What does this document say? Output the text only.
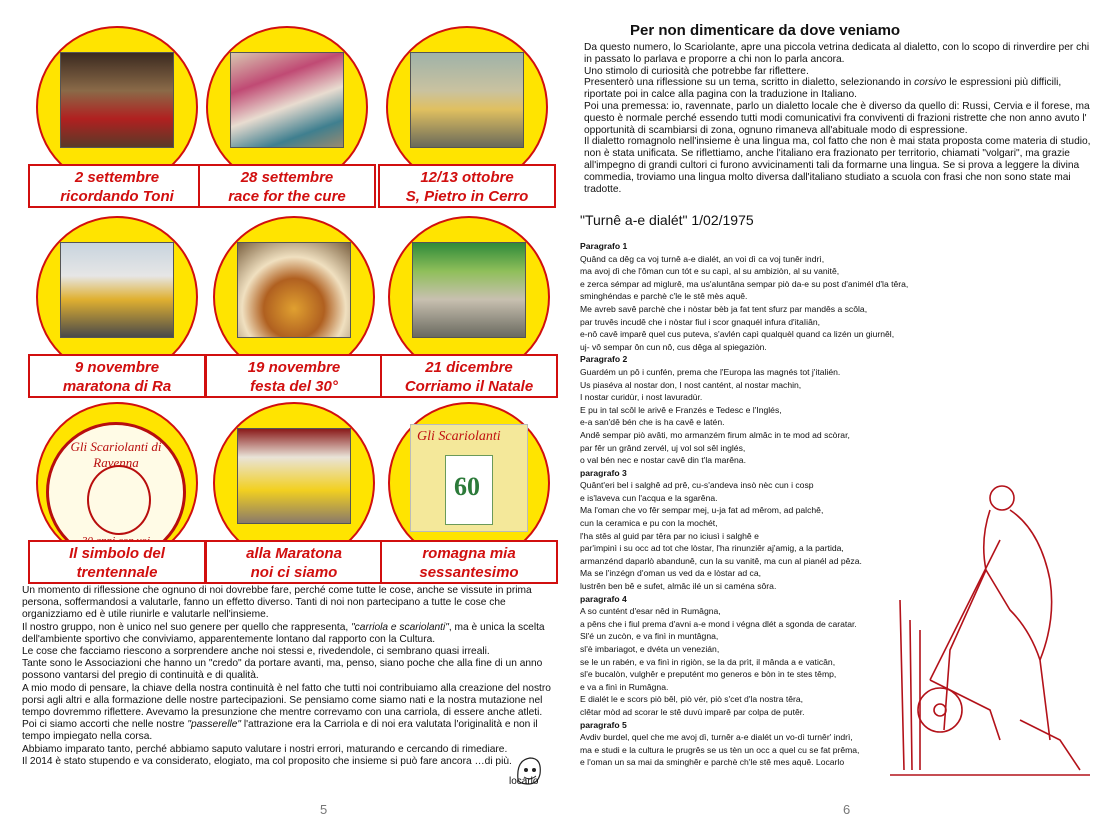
2 settembre
ricordando Toni
28 settembre
race for the cure
12/13 ottobre
S, Pietro in Cerro
9 novembre
maratona di Ra
19 novembre
festa del 30°
21 dicembre
Corriamo il Natale
Gli Scariolanti di Ravenna
Il simbolo del
trentennale
alla Maratona
noi ci siamo
Gli Scariolanti
60
romagna mia
sessantesimo

Un momento di riflessione che ognuno di noi dovrebbe fare, perché come tutte le cose, anche se vissute in prima persona, soffermandosi a valutarle, fanno un effetto diverso. Tanti di noi non partecipano a tutte le cose che organizziamo ed è utile riunirle e valutarle nell'insieme.

Il nostro gruppo, non è unico nel suo genere per quello che rappresenta, "carriola e scariolanti", ma è unica la scelta dell'ambiente sportivo che conviviamo, apparentemente lontano dal rapporto con la Cultura.

Le cose che facciamo riescono a sorprendere anche noi stessi e, rivedendole, ci sembrano quasi irreali.

Tante sono le Associazioni che hanno un "credo" da portare avanti, ma, penso, siano poche che alla fine di un anno possono vantarsi del pregio di continuità e di qualità.

A mio modo di pensare, la chiave della nostra continuità è nel fatto che tutti noi contribuiamo alla creazione del nostro porsi agli altri e alla formazione delle nostre partecipazioni. Se pensiamo come siamo nati e la nostra mutazione nel tempo dovremmo riflettere. Avevamo la presunzione che mentre correvamo con una carriola, di essere anche atleti. Poi ci siamo accorti che nelle nostre "passerelle" l'attrazione era la Carriola e di noi era valutata l'originalità e non il tempo impiegato nella corsa.

Abbiamo imparato tanto, perché abbiamo saputo valutare i nostri errori, maturando e cercando di rimediare.

Il 2014 è stato stupendo e va considerato, elogiato, ma col proposito che insieme si può fare ancora …di più.

locarlo
5
Per non dimenticare da dove veniamo

Da questo numero, lo Scariolante, apre una piccola vetrina dedicata al dialetto, con lo scopo di rinverdire per chi in passato lo parlava e proporre a chi non lo parla ancora.

Uno stimolo di curiosità che potrebbe far riflettere.

Presenterò una riflessione su un tema, scritto in dialetto, selezionando in corsivo le espressioni più difficili, riportate poi in calce alla pagina con la traduzione in Italiano.

Poi una premessa: io, ravennate, parlo un dialetto locale che è diverso da quello di: Russi, Cervia e il forese, ma questo è normale perché essendo tutti modi comunicativi fra conviventi di frazioni ristrette che non anno avuto l' opportunità di scambiarsi di zona, ognuno rimaneva all'abituale modo di espressione.

Il dialetto romagnolo nell'insieme è una lingua ma, col fatto che non è mai stata proposta come materia di studio, non è stata unificata. Se riflettiamo, anche l'italiano era frazionato per territorio, chiamati "volgari", ma grazie all'impegno di grandi cultori ci furono avvicinamenti tali da formarne una lingua. Se si prova a leggere la divina commedia, troviamo una lingua molto diversa dall'italiano studiato a scuola con frasi che non sono state mai tradotte.

"Turnê a-e dialét" 1/02/1975
Paragrafo 1
Quând ca dêg ca voj turnê a-e dialét, an voi dì ca voj tunêr indrì,
ma avoj dì che l'ôman cun tót e su capì, al su ambiziòn, al su vanitê,
e zerca sémpar ad miglurê, ma us'aluntâna sempar piò da-e su post d'animél d'la têra,
sminghéndas e parchè c'le le stê mès aquê.
Me avreb savê parchè che i nòstar bèb ja fat tent sfurz par mandês a scôla,
par truvês incudê che i nòstar fiul i scor gnaquél infura d'itaIiân,
e-nô cavê imparê quel cus puteva, s'avlén capì qualquèl quand ca lizén un giurnêl,
uj- vô sempar ôn cun nô, cus dêga al spiegaziòn.
Paragrafo 2
Guardém un pô i cunfén, prema che l'Europa las magnés tot j'italién.
Us piaséva al nostar don, I nost cantént, al nostar machin,
I nostar curidùr, i nost lavuradùr.
E pu in tal scôl le arivê e Franzés e Tedesc e l'Inglés,
e-a san'dê bén che is ha cavê e latén.
Andê sempar piò avâti, mo armanzém firum almâc in te mod ad scòrar,
par fêr un grând zervél, uj vol sol sêl inglés,
o val bén nec e nostar cavê din t'la marêna.
paragrafo 3
Quânt'eri bel i salghê ad prê, cu-s'andeva insò nèc cun i cosp
e is'laveva cun l'acqua e la sgarêna.
Ma l'oman che vo fêr sempar mej, u-ja fat ad mêrom, ad palchê,
cun la ceramica e pu con la mochét,
l'ha stês al guid par têra par no iciusì i salghê e
par'impinì i su occ ad tot che lòstar, l'ha rinunziêr aj'amig, a la partida,
armanzénd daparlò abandunê, cun la su vanitê, ma cun al pianél ad pêza.
Ma se l'inzégn d'oman us ved da e lòstar ad ca,
lustrên ben bê e sufet, almâc ilé un si caména sôra.
paragrafo 4
A so cuntént d'esar nêd in Rumâgna,
a pêns che i fiul prema d'avni a-e mond i végna dlét a sgonda de caratar.
Sl'é un zucòn, e va finì in muntâgna,
sl'è imbariagot, e dvéta un venezián,
se le un rabén, e va finì in rigiòn, se la da prìt, il mânda a e vaticân,
sl'e bucalòn, vulghêr e preputént mo generos e bòn in te stes têmp,
e va a finì in Rumâgna.
E dialét le e scors piò bêl, piò vér, piò s'cet d'la nostra têra,
clêtar mòd ad scorar le stê duvù imparê par colpa de putêr.
paragrafo 5
Avdiv burdel, quel che me avoj dì, turnêr a-e dialét un vo-dì turnêr' indrì,
ma e studi e la cultura le prugrês se us tèn un occ a quel cu se fat prêma,
e l'oman un sa mai da sminghêr e parchè ch'le stê mes aquê. Locarlo
6
